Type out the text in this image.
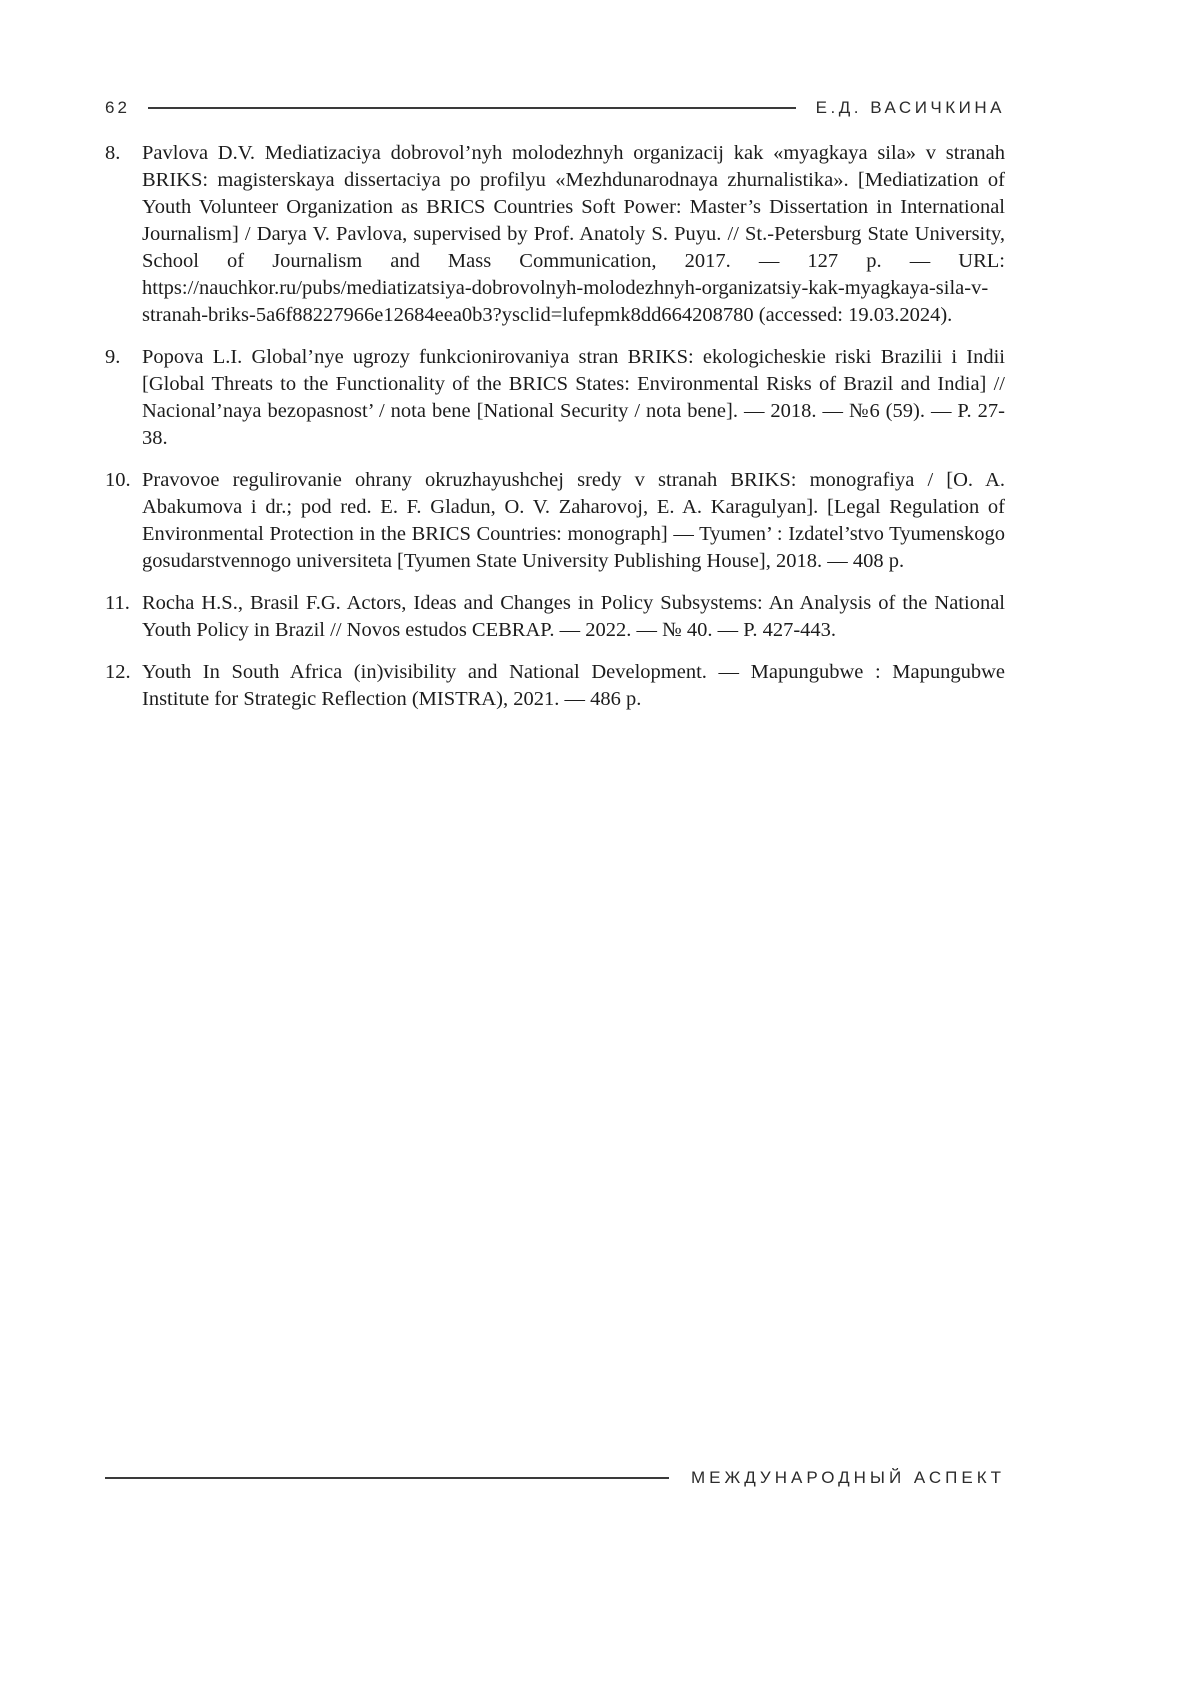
62	Е.Д. ВАСИЧКИНА
8. Pavlova D.V. Mediatizaciya dobrovol’nyh molodezhnyh organizacij kak «myagkaya sila» v stranah BRIKS: magisterskaya dissertaciya po profilyu «Mezhdunarodnaya zhurnalistika». [Mediatization of Youth Volunteer Organization as BRICS Countries Soft Power: Master’s Dissertation in International Journalism] / Darya V. Pavlova, supervised by Prof. Anatoly S. Puyu. // St.-Petersburg State University, School of Journalism and Mass Communication, 2017. — 127 p. — URL: https://nauchkor.ru/pubs/mediatizatsiya-dobrovolnyh-molodezhnyh-organizatsiy-kak-myagkaya-sila-v-stranah-briks-5a6f88227966e12684eea0b3?ysclid=lufepmk8dd664208780 (accessed: 19.03.2024).
9. Popova L.I. Global’nye ugrozy funkcionirovaniya stran BRIKS: ekologicheskie riski Brazilii i Indii [Global Threats to the Functionality of the BRICS States: Environmental Risks of Brazil and India] // Nacional’naya bezopasnost’ / nota bene [National Security / nota bene]. — 2018. — №6 (59). — P. 27-38.
10. Pravovoe regulirovanie ohrany okruzhayushchej sredy v stranah BRIKS: monografiya / [O. A. Abakumova i dr.; pod red. E. F. Gladun, O. V. Zaharovoj, E. A. Karagulyan]. [Legal Regulation of Environmental Protection in the BRICS Countries: monograph] — Tyumen’ : Izdatel’stvo Tyumenskogo gosudarstvennogo universiteta [Tyumen State University Publishing House], 2018. — 408 p.
11. Rocha H.S., Brasil F.G. Actors, Ideas and Changes in Policy Subsystems: An Analysis of the National Youth Policy in Brazil // Novos estudos CEBRAP. — 2022. — № 40. — P. 427-443.
12. Youth In South Africa (in)visibility and National Development. — Mapungubwe : Mapungubwe Institute for Strategic Reflection (MISTRA), 2021. — 486 p.
МЕЖДУНАРОДНЫЙ АСПЕКТ
